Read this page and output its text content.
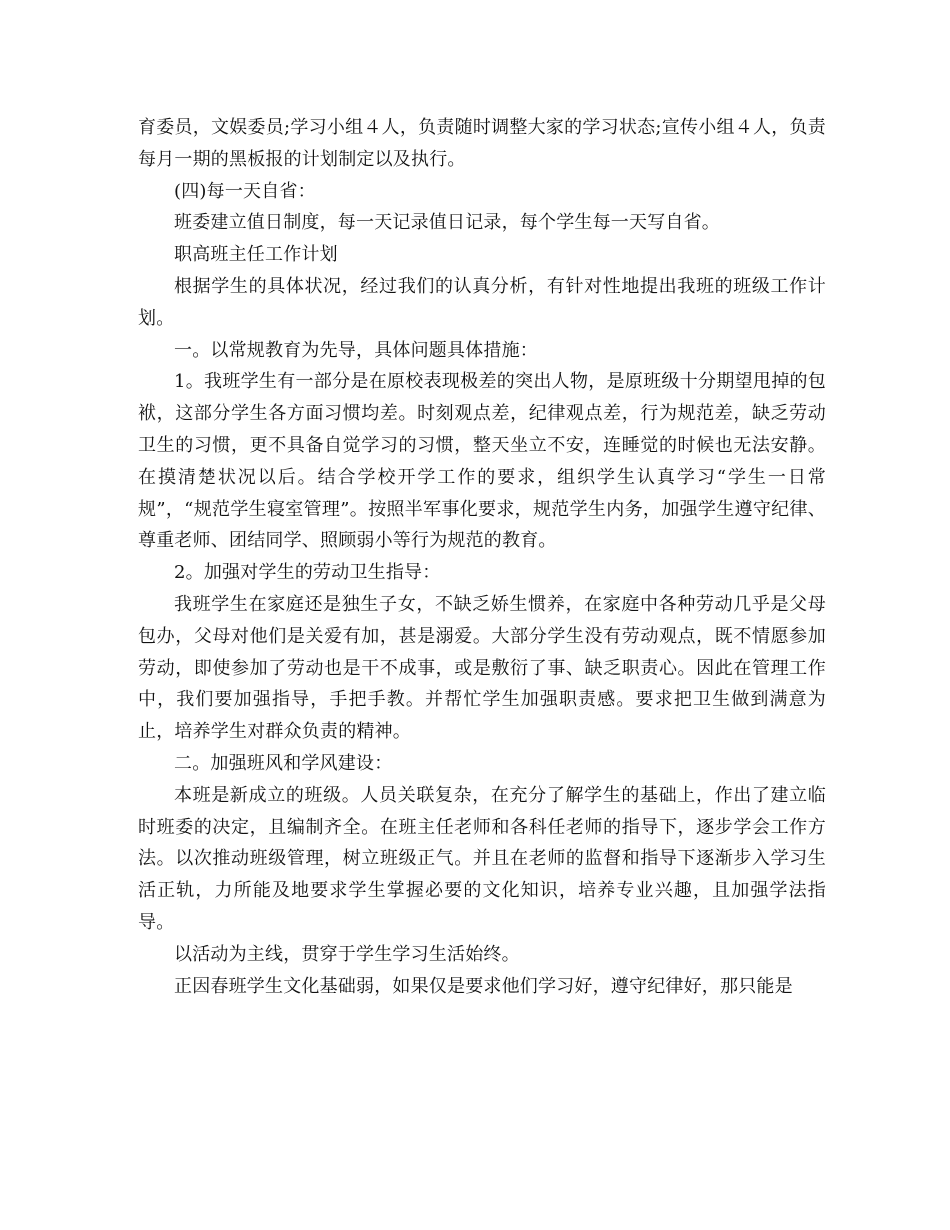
育委员，文娱委员;学习小组４人，负责随时调整大家的学习状态;宣传小组４人，负责每月一期的黑板报的计划制定以及执行。

(四)每一天自省：

班委建立值日制度，每一天记录值日记录，每个学生每一天写自省。

职高班主任工作计划

根据学生的具体状况，经过我们的认真分析，有针对性地提出我班的班级工作计划。

一。以常规教育为先导，具体问题具体措施：

1。我班学生有一部分是在原校表现极差的突出人物，是原班级十分期望甩掉的包袱，这部分学生各方面习惯均差。时刻观点差，纪律观点差，行为规范差，缺乏劳动卫生的习惯，更不具备自觉学习的习惯，整天坐立不安，连睡觉的时候也无法安静。在摸清楚状况以后。结合学校开学工作的要求，组织学生认真学习“学生一日常规”，“规范学生寝室管理”。按照半军事化要求，规范学生内务，加强学生遵守纪律、尊重老师、团结同学、照顾弱小等行为规范的教育。

2。加强对学生的劳动卫生指导：

我班学生在家庭还是独生子女，不缺乏娇生惯养，在家庭中各种劳动几乎是父母包办，父母对他们是关爱有加，甚是溺爱。大部分学生没有劳动观点，既不情愿参加劳动，即使参加了劳动也是干不成事，或是敷衍了事、缺乏职责心。因此在管理工作中，我们要加强指导，手把手教。并帮忙学生加强职责感。要求把卫生做到满意为止，培养学生对群众负责的精神。

二。加强班风和学风建设：

本班是新成立的班级。人员关联复杂，在充分了解学生的基础上，作出了建立临时班委的决定，且编制齐全。在班主任老师和各科任老师的指导下，逐步学会工作方法。以次推动班级管理，树立班级正气。并且在老师的监督和指导下逐渐步入学习生活正轨，力所能及地要求学生掌握必要的文化知识，培养专业兴趣，且加强学法指导。

以活动为主线，贯穿于学生学习生活始终。

正因春班学生文化基础弱，如果仅是要求他们学习好，遵守纪律好，那只能是
